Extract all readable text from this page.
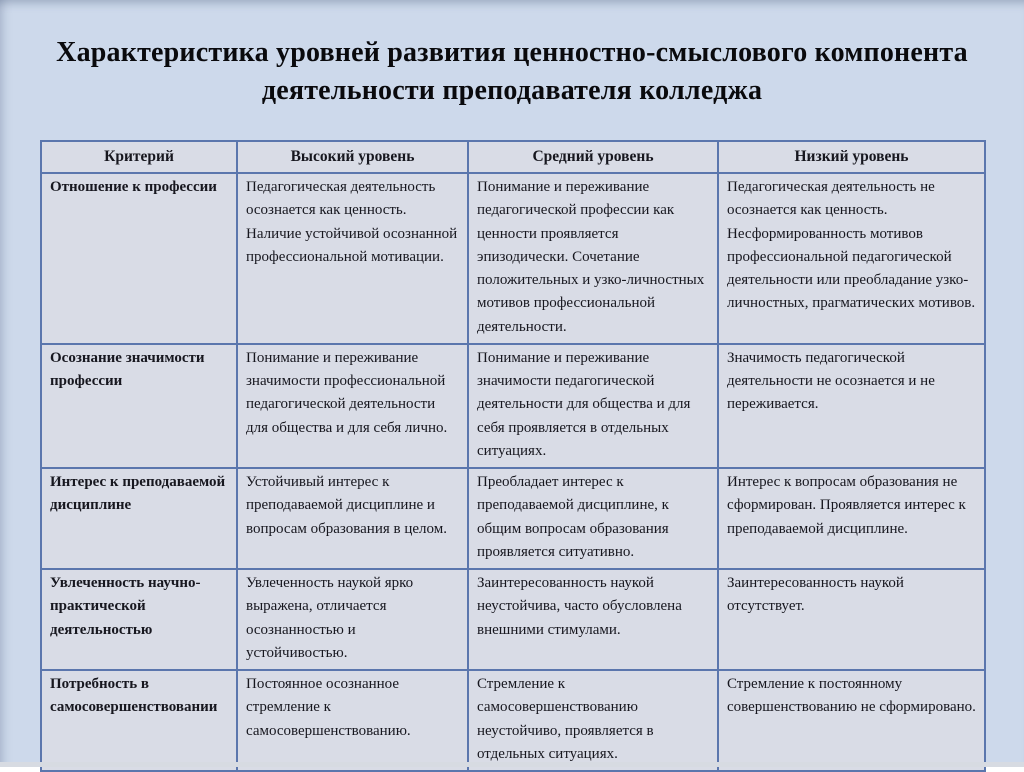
Характеристика уровней развития ценностно-смыслового компонента деятельности преподавателя колледжа
Критерий	Высокий уровень	Средний уровень	Низкий уровень
Отношение к профессии	Педагогическая деятельность осознается как ценность. Наличие устойчивой осознанной профессиональной мотивации.	Понимание и переживание педагогической профессии как ценности проявляется эпизодически. Сочетание положительных и узко-личностных мотивов профессиональной деятельности.	Педагогическая деятельность не осознается как ценность. Несформированность мотивов профессиональной педагогической деятельности или преобладание узко-личностных, прагматических мотивов.
Осознание значимости профессии	Понимание и переживание значимости профессиональной педагогической деятельности для общества и для себя лично.	Понимание и переживание значимости педагогической деятельности для общества и для себя проявляется в отдельных ситуациях.	Значимость педагогической деятельности не осознается и не переживается.
Интерес к преподаваемой дисциплине	Устойчивый интерес к преподаваемой дисциплине и вопросам образования в целом.	Преобладает интерес к преподаваемой дисциплине, к общим вопросам образования проявляется ситуативно.	Интерес к вопросам образования не сформирован. Проявляется интерес к преподаваемой дисциплине.
Увлеченность научно-практической деятельностью	Увлеченность наукой ярко выражена, отличается осознанностью и устойчивостью.	Заинтересованность наукой неустойчива, часто обусловлена внешними стимулами.	Заинтересованность наукой отсутствует.
Потребность в самосовершенствовании	Постоянное осознанное стремление к самосовершенствованию.	Стремление к самосовершенствованию неустойчиво, проявляется в отдельных ситуациях.	Стремление к постоянному совершенствованию не сформировано.
